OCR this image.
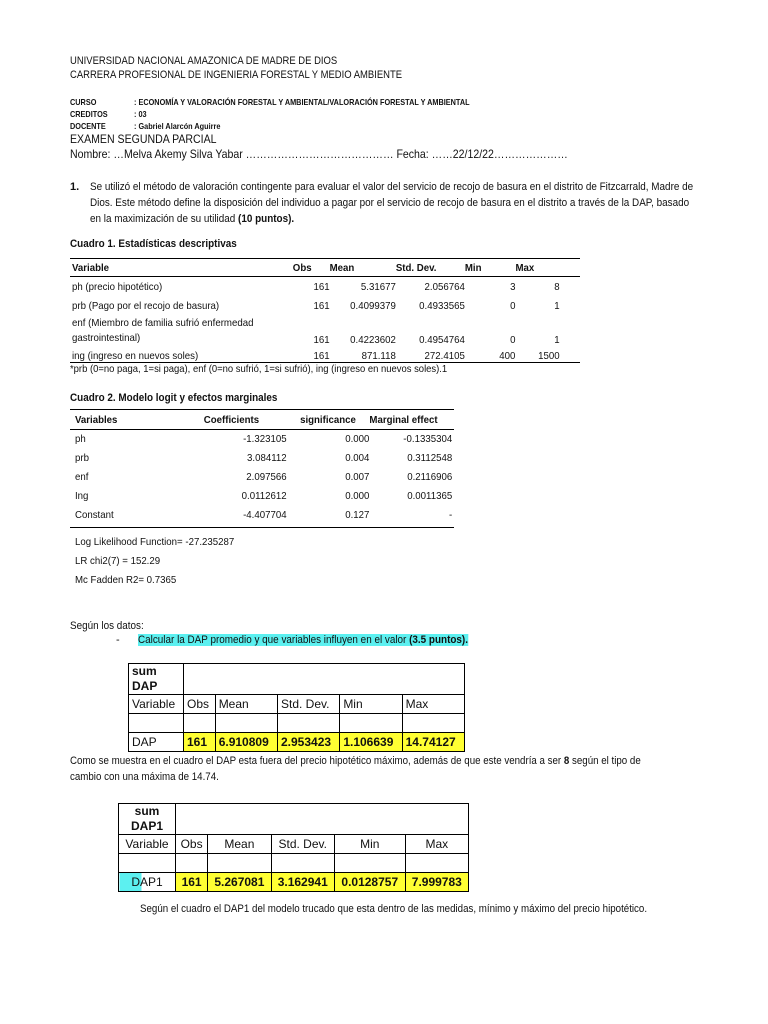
UNIVERSIDAD NACIONAL AMAZONICA DE MADRE DE DIOS
CARRERA PROFESIONAL DE INGENIERIA FORESTAL Y MEDIO AMBIENTE
CURSO	: ECONOMÍA Y VALORACIÓN FORESTAL Y AMBIENTAL/VALORACIÓN FORESTAL Y AMBIENTAL
CREDITOS	: 03
DOCENTE	: Gabriel Alarcón Aguirre
EXAMEN SEGUNDA PARCIAL
Nombre: …Melva Akemy Silva Yabar …………………………………… Fecha: ……22/12/22…………………
1. Se utilizó el método de valoración contingente para evaluar el valor del servicio de recojo de basura en el distrito de Fitzcarrald, Madre de Dios. Este método define la disposición del individuo a pagar por el servicio de recojo de basura en el distrito a través de la DAP, basado en la maximización de su utilidad (10 puntos).
Cuadro 1. Estadísticas descriptivas
Variable	Obs	Mean	Std. Dev.	Min	Max
ph (precio hipotético)	161	5.31677	2.056764	3	8
prb (Pago por el recojo de basura)	161	0.4099379	0.4933565	0	1
enf (Miembro de familia sufrió enfermedad
gastrointestinal)	161	0.4223602	0.4954764	0	1
ing (ingreso en nuevos soles)	161	871.118	272.4105	400	1500
*prb (0=no paga, 1=si paga), enf (0=no sufrió, 1=si sufrió), ing (ingreso en nuevos soles).1
Cuadro 2. Modelo logit y efectos marginales
Variables	Coefficients	significance	Marginal effect
ph	-1.323105	0.000	-0.1335304
prb	3.084112	0.004	0.3112548
enf	2.097566	0.007	0.2116906
Ing	0.0112612	0.000	0.0011365
Constant	-4.407704	0.127	-
Log Likelihood Function= -27.235287
LR chi2(7) = 152.29
Mc Fadden R2= 0.7365
Según los datos:
- Calcular la DAP promedio y que variables influyen en el valor (3.5 puntos).
sum
DAP					
Variable	Obs	Mean	Std. Dev.	Min	Max

DAP	161	6.910809	2.953423	1.106639	14.74127
Como se muestra en el cuadro el DAP esta fuera del precio hipotético máximo, además de que este vendría a ser 8 según el tipo de
cambio con una máxima de 14.74.
sum
DAP1					
Variable	Obs	Mean	Std. Dev.	Min	Max

DAP1	161	5.267081	3.162941	0.0128757	7.999783
Según el cuadro el DAP1 del modelo trucado que esta dentro de las medidas, mínimo y máximo del precio hipotético.
